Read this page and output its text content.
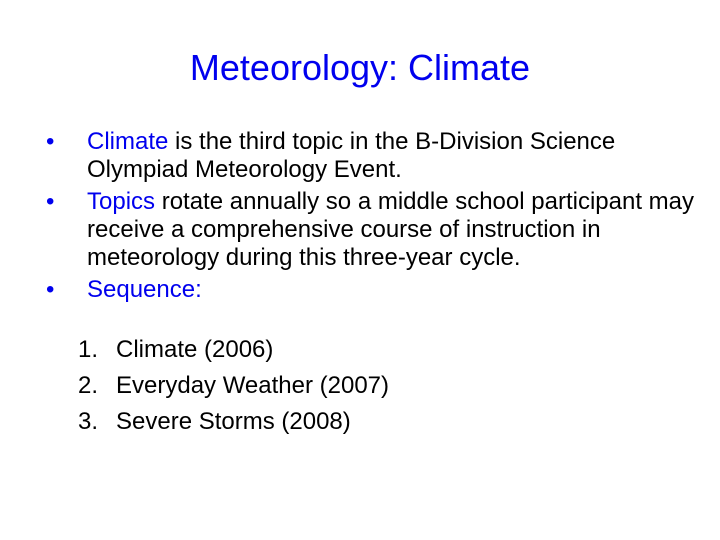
Meteorology: Climate
•	Climate is the third topic in the B-Division Science Olympiad Meteorology Event.
•	Topics rotate annually so a middle school participant may receive a comprehensive course of instruction in meteorology during this three-year cycle.
•	Sequence:
1. Climate (2006)
2. Everyday Weather (2007)
3. Severe Storms (2008)
